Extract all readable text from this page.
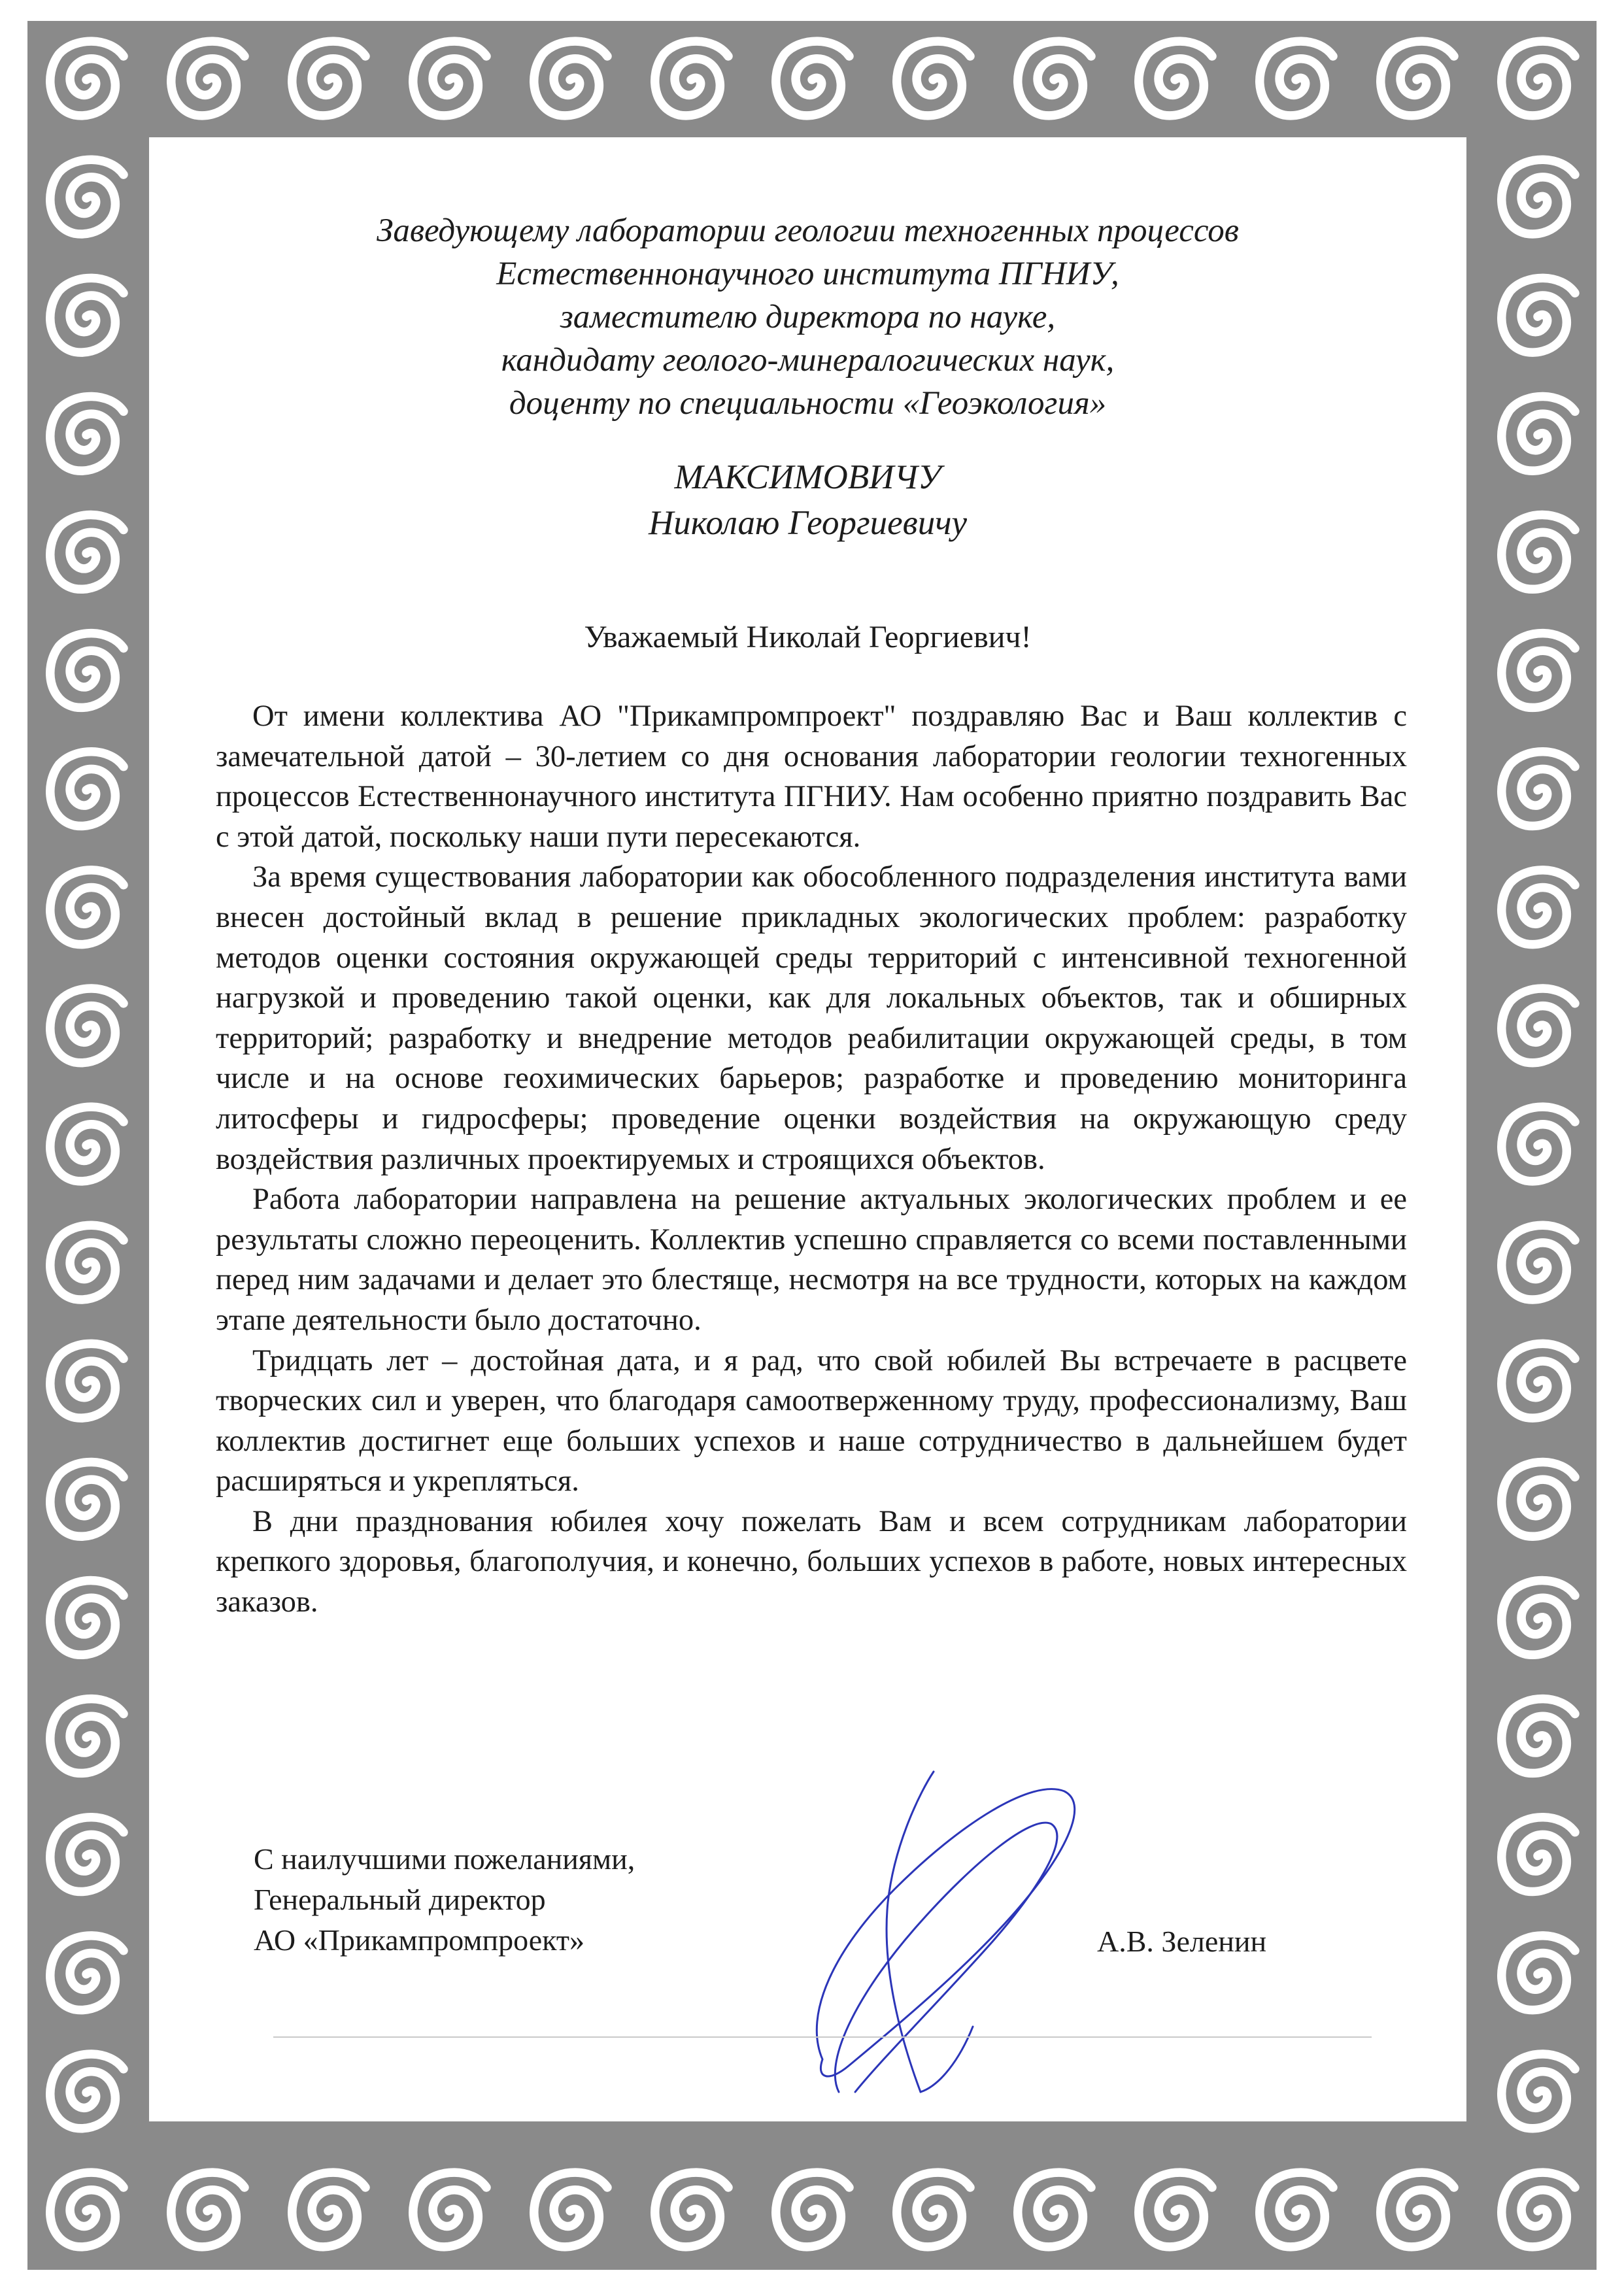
Заведующему лаборатории геологии техногенных процессов
Естественнонаучного института ПГНИУ,
заместителю директора по науке,
кандидату геолого-минералогических наук,
доценту по специальности «Геоэкология»
МАКСИМОВИЧУ
Николаю Георгиевичу
Уважаемый Николай Георгиевич!

От имени коллектива АО "Прикампромпроект" поздравляю Вас и Ваш коллектив с замечательной датой – 30-летием со дня основания лаборатории геологии техногенных процессов Естественнонаучного института ПГНИУ. Нам особенно приятно поздравить Вас с этой датой, поскольку наши пути пересекаются.

За время существования лаборатории как обособленного подразделения института вами внесен достойный вклад в решение прикладных экологических проблем: разработку методов оценки состояния окружающей среды территорий с интенсивной техногенной нагрузкой и проведению такой оценки, как для локальных объектов, так и обширных территорий; разработку и внедрение методов реабилитации окружающей среды, в том числе и на основе геохимических барьеров; разработке и проведению мониторинга литосферы и гидросферы; проведение оценки воздействия на окружающую среду воздействия различных проектируемых и строящихся объектов.

Работа лаборатории направлена на решение актуальных экологических проблем и ее результаты сложно переоценить. Коллектив успешно справляется со всеми поставленными перед ним задачами и делает это блестяще, несмотря на все трудности, которых на каждом этапе деятельности было достаточно.

Тридцать лет – достойная дата, и я рад, что свой юбилей Вы встречаете в расцвете творческих сил и уверен, что благодаря самоотверженному труду, профессионализму, Ваш коллектив достигнет еще больших успехов и наше сотрудничество в дальнейшем будет расширяться и укрепляться.

В дни празднования юбилея хочу пожелать Вам и всем сотрудникам лаборатории крепкого здоровья, благополучия, и конечно, больших успехов в работе, новых интересных заказов.

С наилучшими пожеланиями,
Генеральный директор
АО «Прикампромпроект»	А.В. Зеленин
